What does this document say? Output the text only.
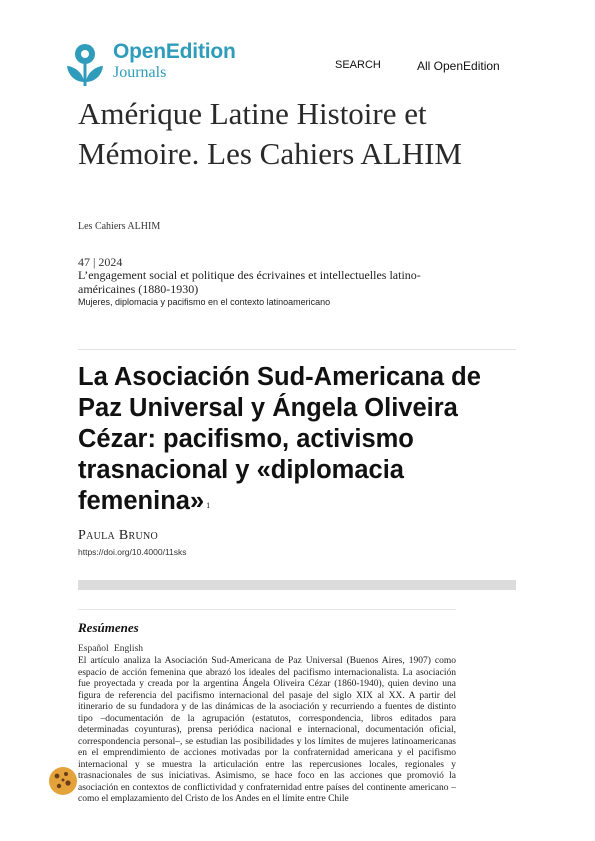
OpenEdition
Journals	SEARCH	All OpenEdition
Amérique Latine Histoire et Mémoire. Les Cahiers ALHIM
Les Cahiers ALHIM
47 | 2024
L’engagement social et politique des écrivaines et intellectuelles latino-américaines (1880-1930)
Mujeres, diplomacia y pacifismo en el contexto latinoamericano
La Asociación Sud-Americana de Paz Universal y Ángela Oliveira Cézar: pacifismo, activismo trasnacional y «diplomacia femenina» $^1$
Paula Bruno
https://doi.org/10.4000/11sks
Resúmenes
Español English

El artículo analiza la Asociación Sud-Americana de Paz Universal (Buenos Aires, 1907) como espacio de acción femenina que abrazó los ideales del pacifismo internacionalista. La asociación fue proyectada y creada por la argentina Ángela Oliveira Cézar (1860-1940), quien devino una figura de referencia del pacifismo internacional del pasaje del siglo XIX al XX. A partir del itinerario de su fundadora y de las dinámicas de la asociación y recurriendo a fuentes de distinto tipo –documentación de la agrupación (estatutos, correspondencia, libros editados para determinadas coyunturas), prensa periódica nacional e internacional, documentación oficial, correspondencia personal–, se estudian las posibilidades y los límites de mujeres latinoamericanas en el emprendimiento de acciones motivadas por la confraternidad americana y el pacifismo internacional y se muestra la articulación entre las repercusiones locales, regionales y trasnacionales de sus iniciativas. Asimismo, se hace foco en las acciones que promovió la asociación en contextos de conflictividad y confraternidad entre países del continente americano –como el emplazamiento del Cristo de los Andes en el límite entre Chile
